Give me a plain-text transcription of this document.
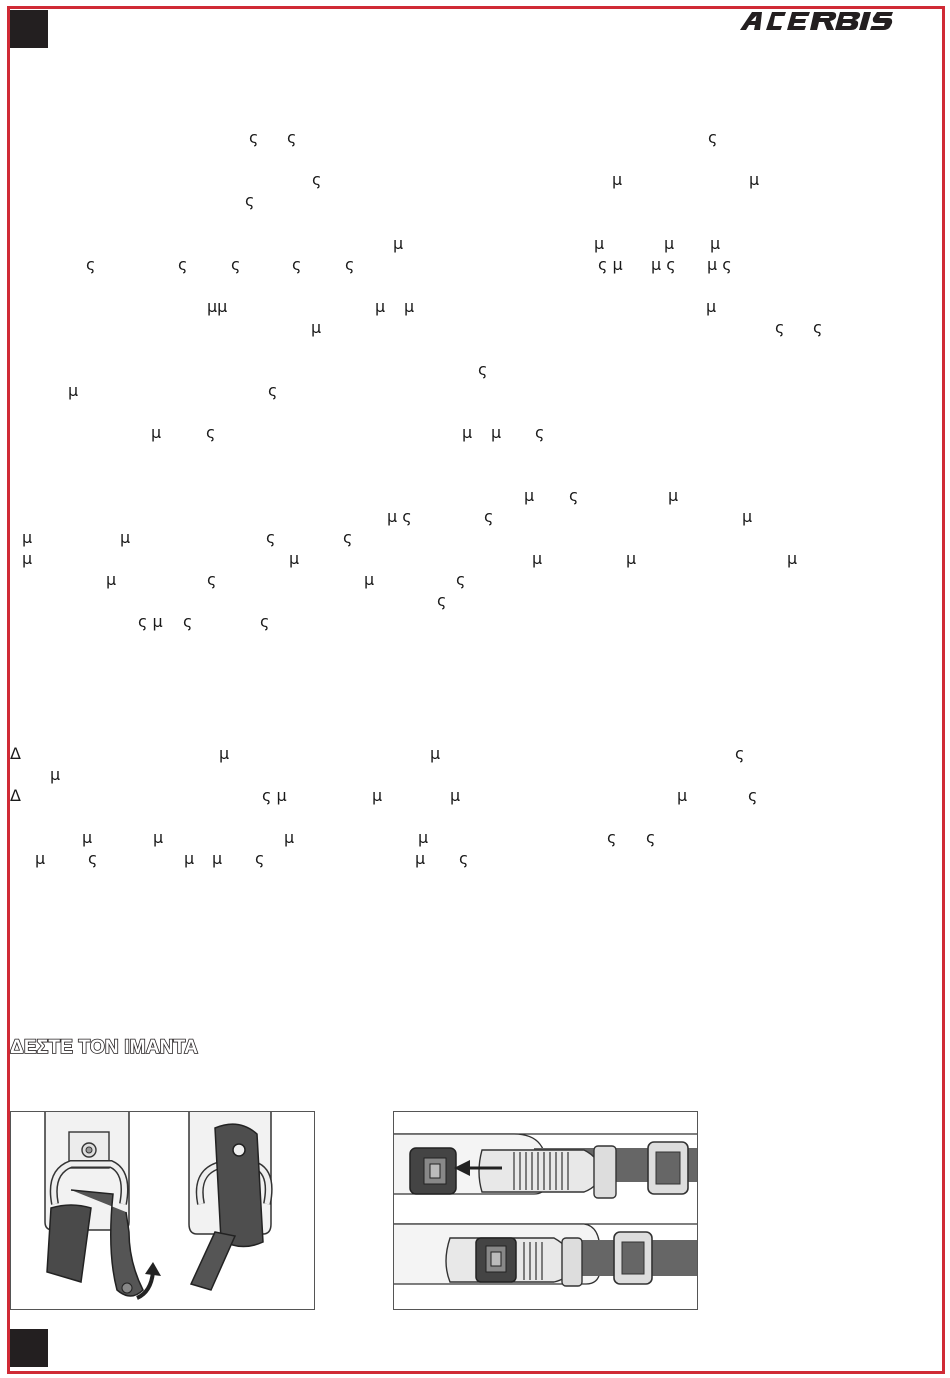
ς ς	ς
ς	μ	μ
ς
μ	μ	μ μ
ς	ς	ς	ς	ς	ς μ μ ς μ ς
μμ	μ μ	μ
μ	ς ς
ς
μ	ς
μ	ς	μ μ ς
μ ς	μ
μ ς	ς	μ
μ	μ	ς	ς
μ	μ	μ	μ	μ
μ	ς	μ	ς
ς
ς μ ς	ς
Δ	μ	μ	ς
μ
Δ	ς μ	μ	μ	μ	ς
μ	μ	μ	μ	ς ς
μ	ς	μ μ ς	μ ς
ΔΕΣΤΕ ΤΟΝ ΙΜΑΝΤΑ
